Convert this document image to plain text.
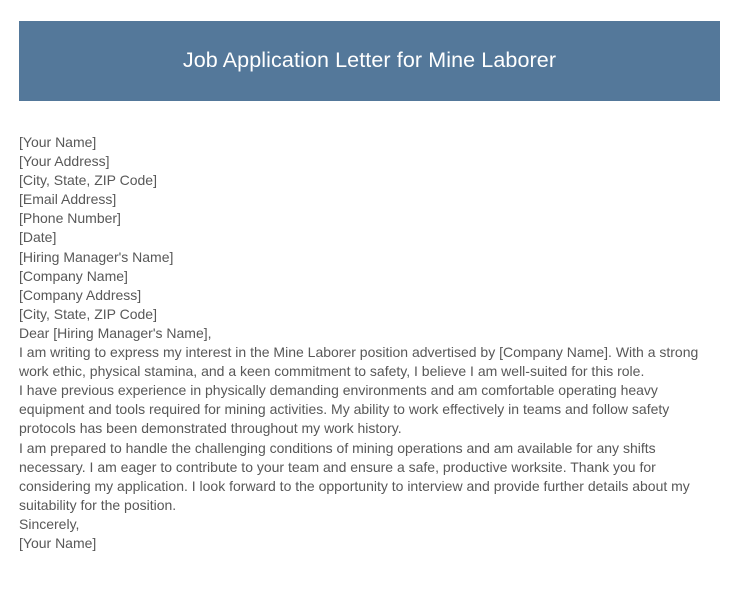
Job Application Letter for Mine Laborer
[Your Name]
[Your Address]
[City, State, ZIP Code]
[Email Address]
[Phone Number]
[Date]
[Hiring Manager's Name]
[Company Name]
[Company Address]
[City, State, ZIP Code]
Dear [Hiring Manager's Name],
I am writing to express my interest in the Mine Laborer position advertised by [Company Name]. With a strong work ethic, physical stamina, and a keen commitment to safety, I believe I am well-suited for this role.
I have previous experience in physically demanding environments and am comfortable operating heavy equipment and tools required for mining activities. My ability to work effectively in teams and follow safety protocols has been demonstrated throughout my work history.
I am prepared to handle the challenging conditions of mining operations and am available for any shifts necessary. I am eager to contribute to your team and ensure a safe, productive worksite. Thank you for considering my application. I look forward to the opportunity to interview and provide further details about my suitability for the position.
Sincerely,
[Your Name]
